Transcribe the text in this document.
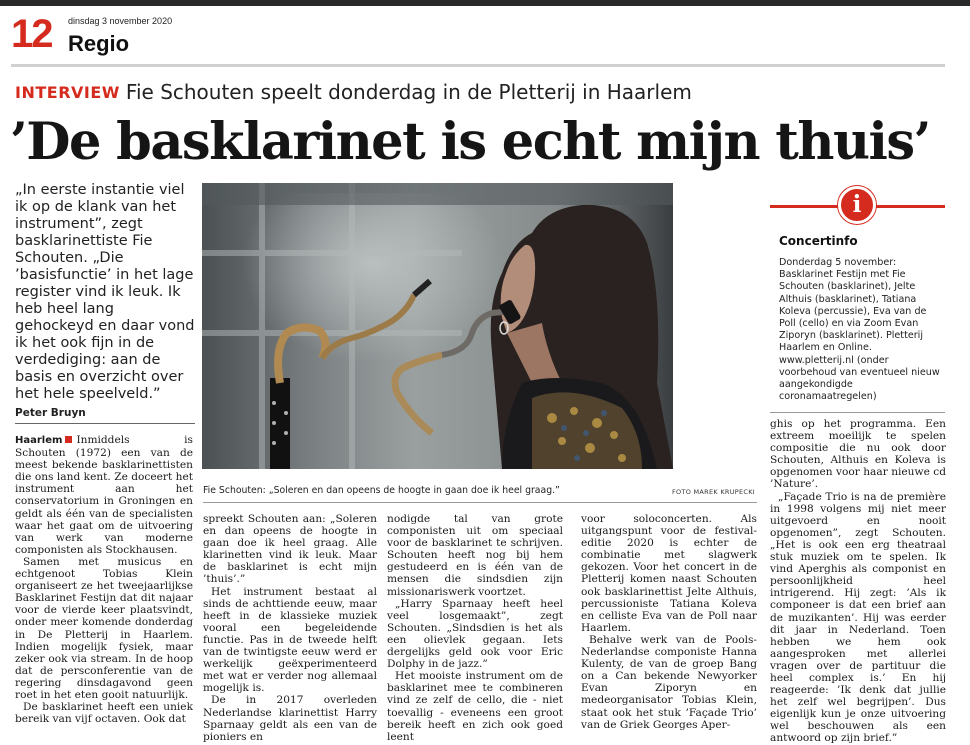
12 dinsdag 3 november 2020
Regio
INTERVIEW Fie Schouten speelt donderdag in de Pletterij in Haarlem
’De basklarinet is echt mijn thuis’
„In eerste instantie viel ik op de klank van het instrument”, zegt basklarinettiste Fie Schouten. „Die ’basisfunctie’ in het lage register vind ik leuk. Ik heb heel lang gehockeyd en daar vond ik het ook fijn in de verdediging: aan de basis en overzicht over het hele speelveld.”
Peter Bruyn

Haarlem Inmiddels is Schouten (1972) een van de meest bekende basklarinettisten die ons land kent. Ze doceert het instrument aan het conservatorium in Groningen en geldt als één van de specialisten waar het gaat om de uitvoering van werk van moderne componisten als Stockhausen.

Samen met musicus en echtgenoot Tobias Klein organiseert ze het tweejaarlijkse Basklarinet Festijn dat dit najaar voor de vierde keer plaatsvindt, onder meer komende donderdag in De Pletterij in Haarlem. Indien mogelijk fysiek, maar zeker ook via stream. In de hoop dat de persconferentie van de regering dinsdagavond geen roet in het eten gooit natuurlijk.

De basklarinet heeft een uniek bereik van vijf octaven. Ook dat

Fie Schouten: „Soleren en dan opeens de hoogte in gaan doe ik heel graag.”	FOTO MAREK KRUPECKI

spreekt Schouten aan: „Soleren en dan opeens de hoogte in gaan doe ik heel graag. Alle klarinetten vind ik leuk. Maar de basklarinet is echt mijn ’thuis’.”

Het instrument bestaat al sinds de achttiende eeuw, maar heeft in de klassieke muziek vooral een begeleidende functie. Pas in de tweede helft van de twintigste eeuw werd er werkelijk geëxperimenteerd met wat er verder nog allemaal mogelijk is.

De in 2017 overleden Nederlandse klarinettist Harry Sparnaay geldt als een van de pioniers en

nodigde tal van grote componisten uit om speciaal voor de basklarinet te schrijven. Schouten heeft nog bij hem gestudeerd en is één van de mensen die sindsdien zijn missionariswerk voortzet.

„Harry Sparnaay heeft heel veel losgemaakt”, zegt Schouten. „Sindsdien is het als een olievlek gegaan. Iets dergelijks geld ook voor Eric Dolphy in de jazz.”

Het mooiste instrument om de basklarinet mee te combineren vind ze zelf de cello, die - niet toevallig - eveneens een groot bereik heeft en zich ook goed leent

voor soloconcerten. Als uitgangspunt voor de festival-editie 2020 is echter de combinatie met slagwerk gekozen. Voor het concert in de Pletterij komen naast Schouten ook basklarinettist Jelte Althuis, percussioniste Tatiana Koleva en celliste Eva van de Poll naar Haarlem.

Behalve werk van de Pools-Nederlandse componiste Hanna Kulenty, de van de groep Bang on a Can bekende Newyorker Evan Ziporyn en medeorganisator Tobias Klein, staat ook het stuk ’Façade Trio’ van de Griek Georges Aper-

i
Concertinfo
Donderdag 5 november: Basklarinet Festijn met Fie Schouten (basklarinet), Jelte Althuis (basklarinet), Tatiana Koleva (percussie), Eva van de Poll (cello) en via Zoom Evan Ziporyn (basklarinet). Pletterij Haarlem en Online. www.pletterij.nl (onder voorbehoud van eventueel nieuw aangekondigde coronamaatregelen)

ghis op het programma. Een extreem moeilijk te spelen compositie die nu ook door Schouten, Althuis en Koleva is opgenomen voor haar nieuwe cd ’Nature’.

„Façade Trio is na de première in 1998 volgens mij niet meer uitgevoerd en nooit opgenomen”, zegt Schouten. „Het is ook een erg theatraal stuk muziek om te spelen. Ik vind Aperghis als componist en persoonlijkheid heel intrigerend. Hij zegt: ’Als ik componeer is dat een brief aan de muzikanten’. Hij was eerder dit jaar in Nederland. Toen hebben we hem ook aangesproken met allerlei vragen over de partituur die heel complex is.’ En hij reageerde: ’Ik denk dat jullie het zelf wel begrijpen’. Dus eigenlijk kun je onze uitvoering wel beschouwen als een antwoord op zijn brief.”
